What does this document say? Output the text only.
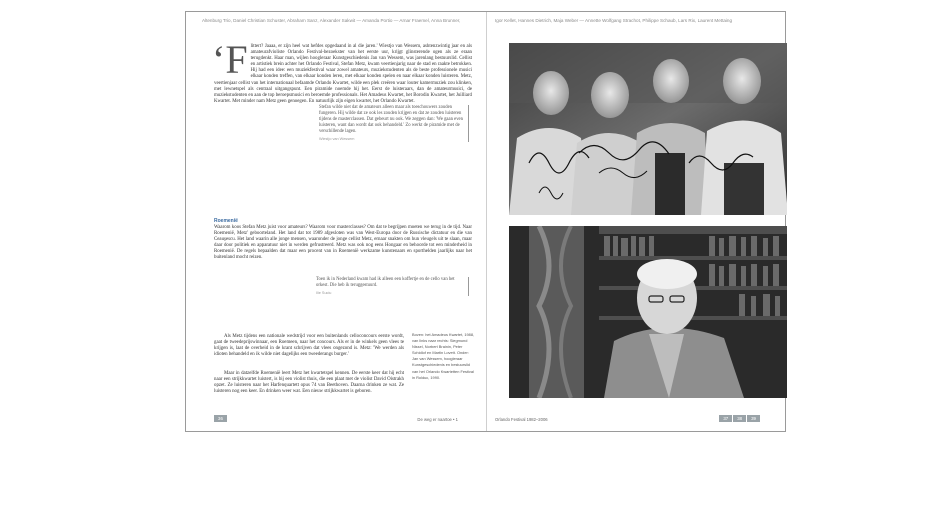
Altenburg Trio, Daniel Christian Schuster, Abraham Sanz, Alexander Sakwit — Amanda Portio — Arnar Fraemel, Anna Brunner,
‘F littert? Jaaaa, er zijn heel wat hefdes opgedaand in al die jaren.' Wiestjo van Wessem, ashtenzwintig jaar en als amateurafvioliste Orlando Festival-bezoekster van het eerste uur, krijgt glinsterende ogen als ze eraan terugdenkt. Haar man, wijlen hoogleraar Kunstgeschiedenis Jan van Wessem, was jarenlang bestuurslid. Cellist en artistiek brein achter het Orlando Festival, Stefan Metz, kwam veertienjarig naar de stad en raakte betrokken. Hij had een idee: een muziekfestival waar zowel amateurs, muziekstudenten als de beste professionele musici elkaar konden treffen, van elkaar konden leren, met elkaar konden spelen en naar elkaar konden luisteren. Metz, veertienjaar cellist van het internationaal befaamde Orlando Kwartet, wilde een plek creëren waar louter kamermuziek zou klinken, met lewnetspel als centraal uitgangspunt. Een piramide noemde hij het. Eerst de luisteraars, dan de amateurmusici, de muziekstudenten en aan de top beroepsmusici en beroemde professionals. Het Amadeus Kwartet, het Borodin Kwartet, het Juilliard Kwartet. Met minder nam Metz geen genoegen. En natuurlijk zijn eigen kwartet, het Orlando Kwartet.
Stefan wilde niet dat de amateurs alleen maar als toeschouwers zouden fungeren. Hij wilde dat ze ook les zouden krijgen en dat ze zouden luisteren tijdens de masterclassen. Dat gebeurt nu ook. We zeggen dan: 'We gaan even luisteren, want dan wordt dat ook behandeld.' Zo werkt de piramide met de verschillende lagen.
Wiestjo van Wessem
Roemenië
Waarom koos Stefan Metz juist voor amateurs? Waarom voor masterclasses? Om dat te begrijpen moeten we terug in de tijd. Naar Roemenië, Metz' geboorteland. Het land dat tot 1989 afgesloten was van West-Europa door de Russische dictatuur en die van Ceauşescu. Het land waarin alle jonge mensen, waaronder de jonge cellist Metz, ernaar snakten om hun vleugels uit te slaan, maar daar door politiek en apparatuur niet in werden gefrustreerd. Metz was ook nog eens Hongaar en behoorde tot een minderheid in Roemenië. De regels bepaalden dat maar een procent van in Roemenië werkzame kunstenaars en sporthelden jaarlijks naar het buitenland mocht reizen.
Toen ik in Nederland kwam had ik alleen een koffertje en de cello van het orkest. Die heb ik teruggestuurd.
Ilie Suciu
Als Metz tijdens een nationale wedstrijd voor een buitenlands celloconcours eerste wordt, gaat de tweedeprijswinnaar, een Roemeen, naar het concours. Als er in de winkels geen vlees te krijgen is, laat de overheid in de krant schrijven dat vlees ongezond is. Metz: 'We werden als idioten behandeld en ik wilde niet dagelijks een tweederangs burger.'
Maar in datzelfde Roemenië leert Metz het kwartetspel kennen. De eerste keer dat hij echt naar een strijkkwartet luistert, is bij een violist thuis, die een plaat met de violist David Oistrakh opzet. Ze luisteren naar het Harfenquartett opus 74 van Beethoven. Daarna drinken ze wat. Ze luisteren nog een keer. En drinken weer wat. Een nieuw strijkkwartet is geboren.
Boven: het Amadeus Kwartet, 1988, van links naar rechts: Siegmund Nissel, Norbert Brainin, Peter Schidlof en Martin Lovett. Onder: Jan van Wessem, hoogleraar Kunstgeschiedenis en bestuurslid van het Orlando Kwartetten Festival in Rolduc, 1990.
36	De weg er naartoe • 1
Igor Kellet, Hannes Dietrich, Maja Weber — Annette Wolfgang Strachot, Philippe Schaub, Lars Rix, Laurent Mettaing
Orlando Festival 1982–2006	37 38 39
